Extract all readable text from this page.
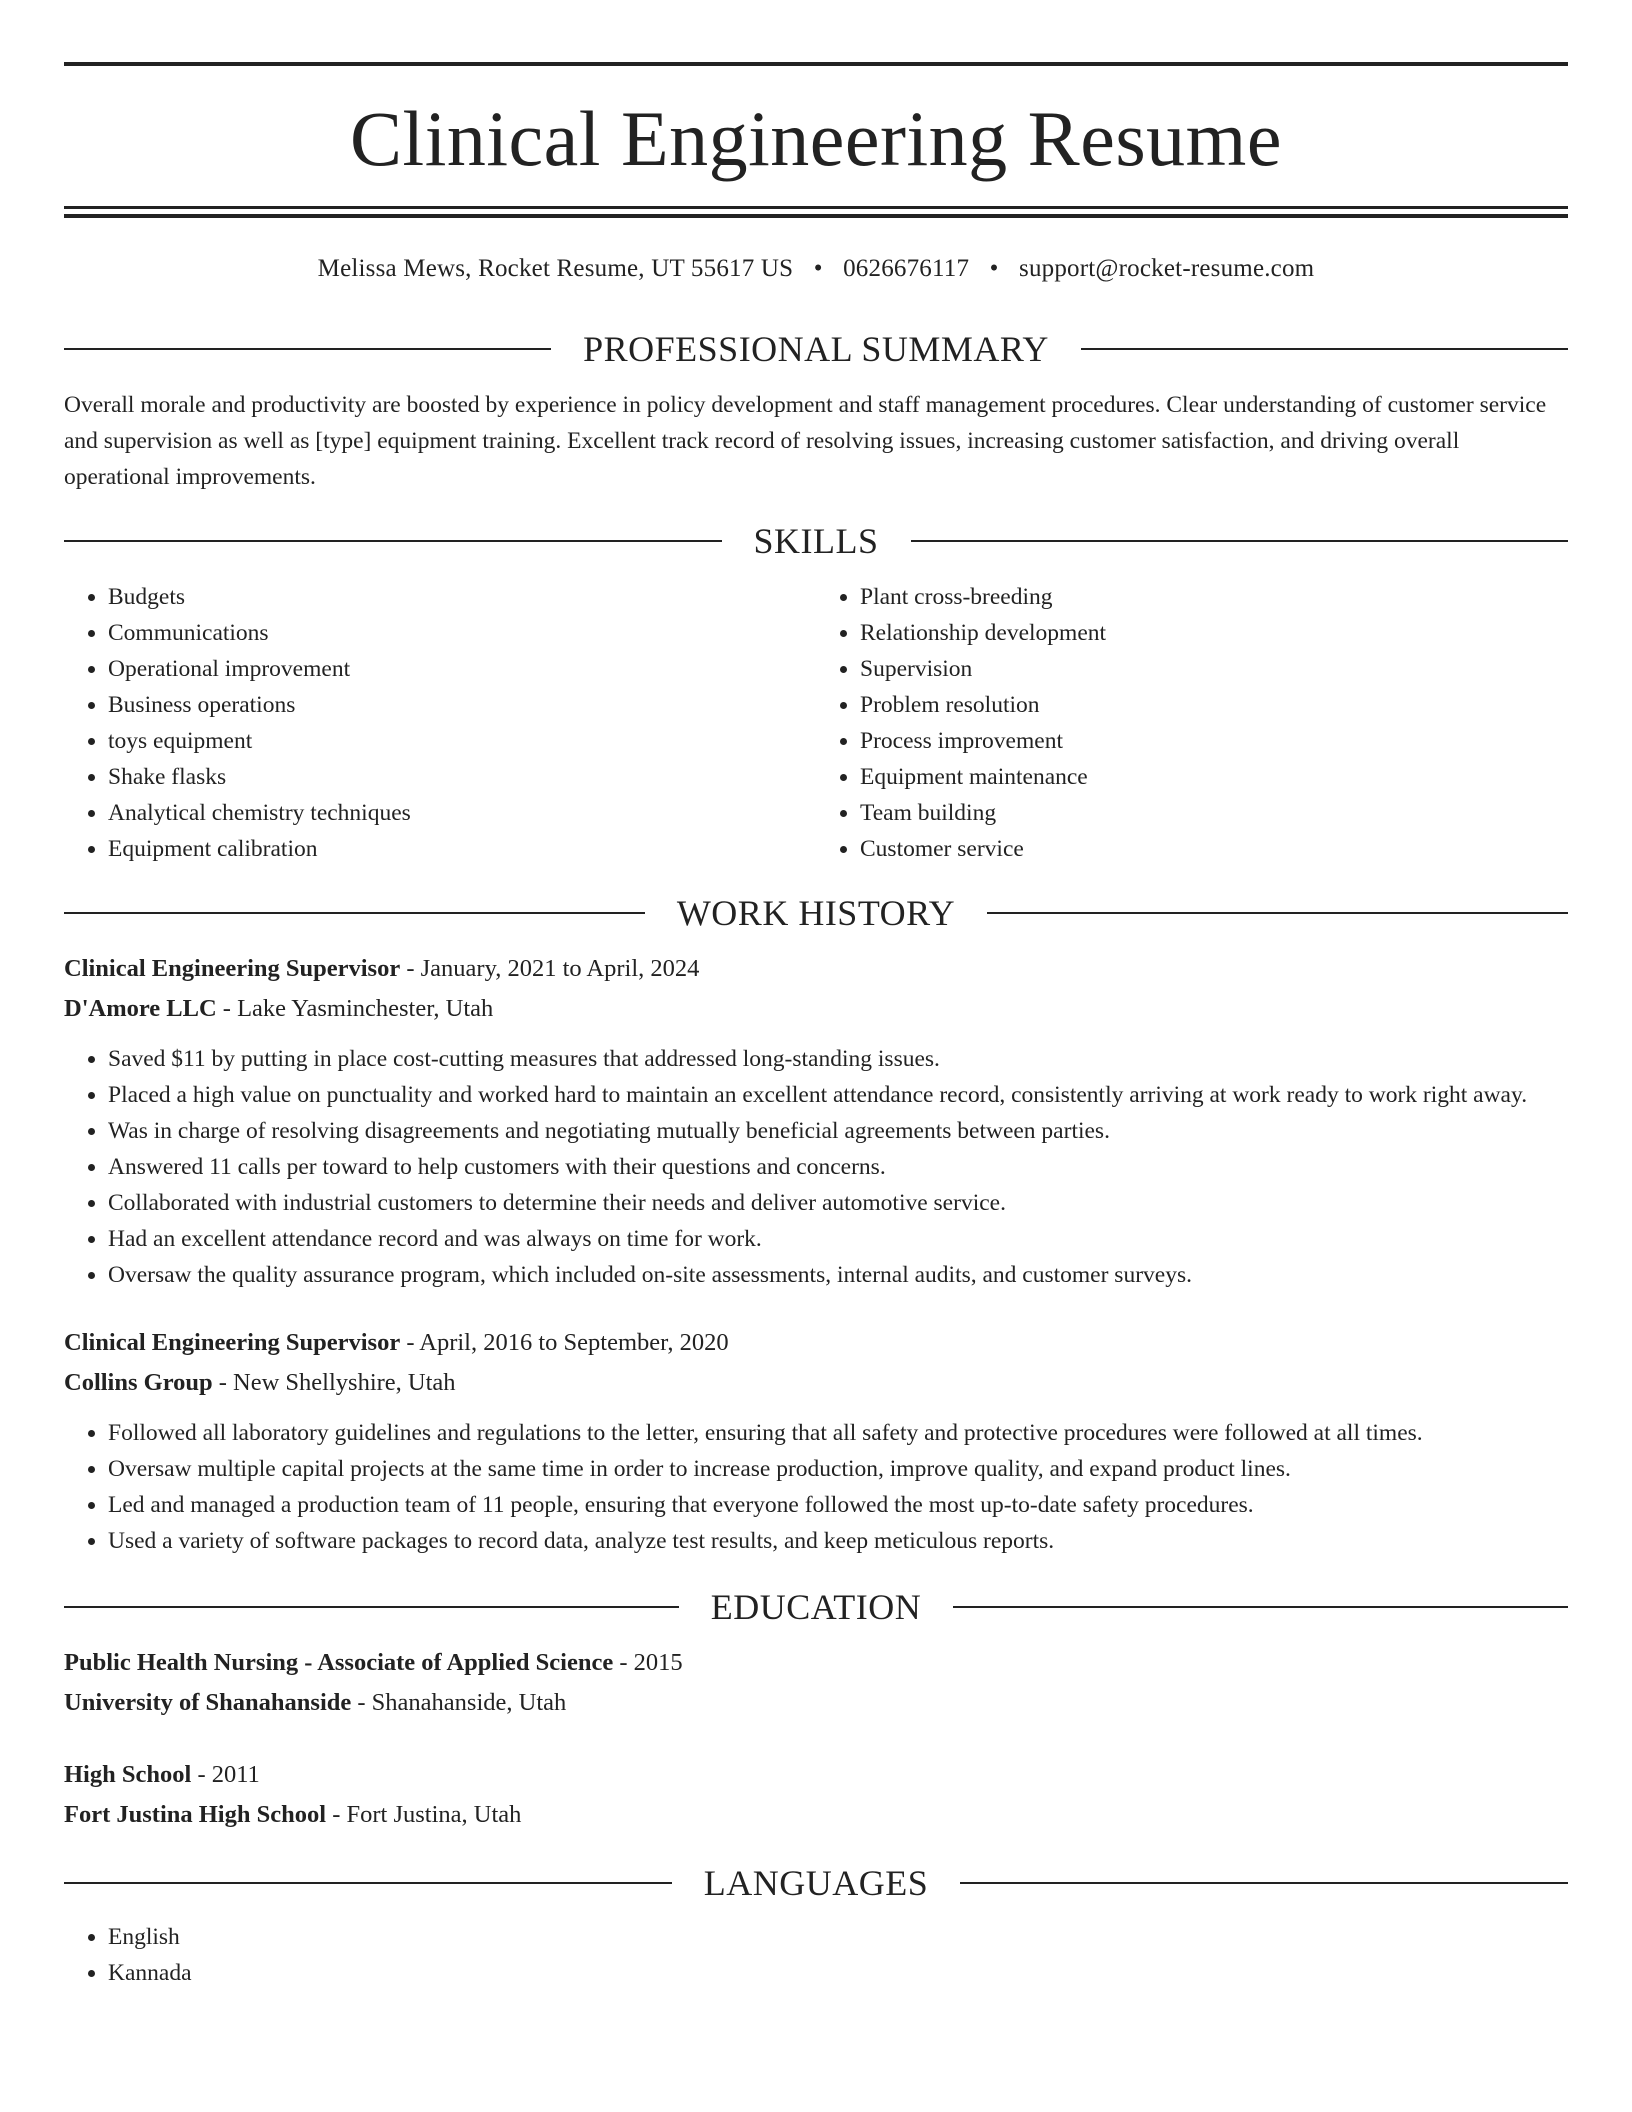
Clinical Engineering Resume
Melissa Mews, Rocket Resume, UT 55617 US • 0626676117 • support@rocket-resume.com
PROFESSIONAL SUMMARY

Overall morale and productivity are boosted by experience in policy development and staff management procedures. Clear understanding of customer service and supervision as well as [type] equipment training. Excellent track record of resolving issues, increasing customer satisfaction, and driving overall operational improvements.

SKILLS
• Budgets
• Communications
• Operational improvement
• Business operations
• toys equipment
• Shake flasks
• Analytical chemistry techniques
• Equipment calibration
• Plant cross-breeding
• Relationship development
• Supervision
• Problem resolution
• Process improvement
• Equipment maintenance
• Team building
• Customer service
WORK HISTORY
Clinical Engineering Supervisor - January, 2021 to April, 2024
D'Amore LLC - Lake Yasminchester, Utah
• Saved $11 by putting in place cost-cutting measures that addressed long-standing issues.
• Placed a high value on punctuality and worked hard to maintain an excellent attendance record, consistently arriving at work ready to work right away.
• Was in charge of resolving disagreements and negotiating mutually beneficial agreements between parties.
• Answered 11 calls per toward to help customers with their questions and concerns.
• Collaborated with industrial customers to determine their needs and deliver automotive service.
• Had an excellent attendance record and was always on time for work.
• Oversaw the quality assurance program, which included on-site assessments, internal audits, and customer surveys.
Clinical Engineering Supervisor - April, 2016 to September, 2020
Collins Group - New Shellyshire, Utah
• Followed all laboratory guidelines and regulations to the letter, ensuring that all safety and protective procedures were followed at all times.
• Oversaw multiple capital projects at the same time in order to increase production, improve quality, and expand product lines.
• Led and managed a production team of 11 people, ensuring that everyone followed the most up-to-date safety procedures.
• Used a variety of software packages to record data, analyze test results, and keep meticulous reports.
EDUCATION
Public Health Nursing - Associate of Applied Science - 2015
University of Shanahanside - Shanahanside, Utah
High School - 2011
Fort Justina High School - Fort Justina, Utah
LANGUAGES
• English
• Kannada
